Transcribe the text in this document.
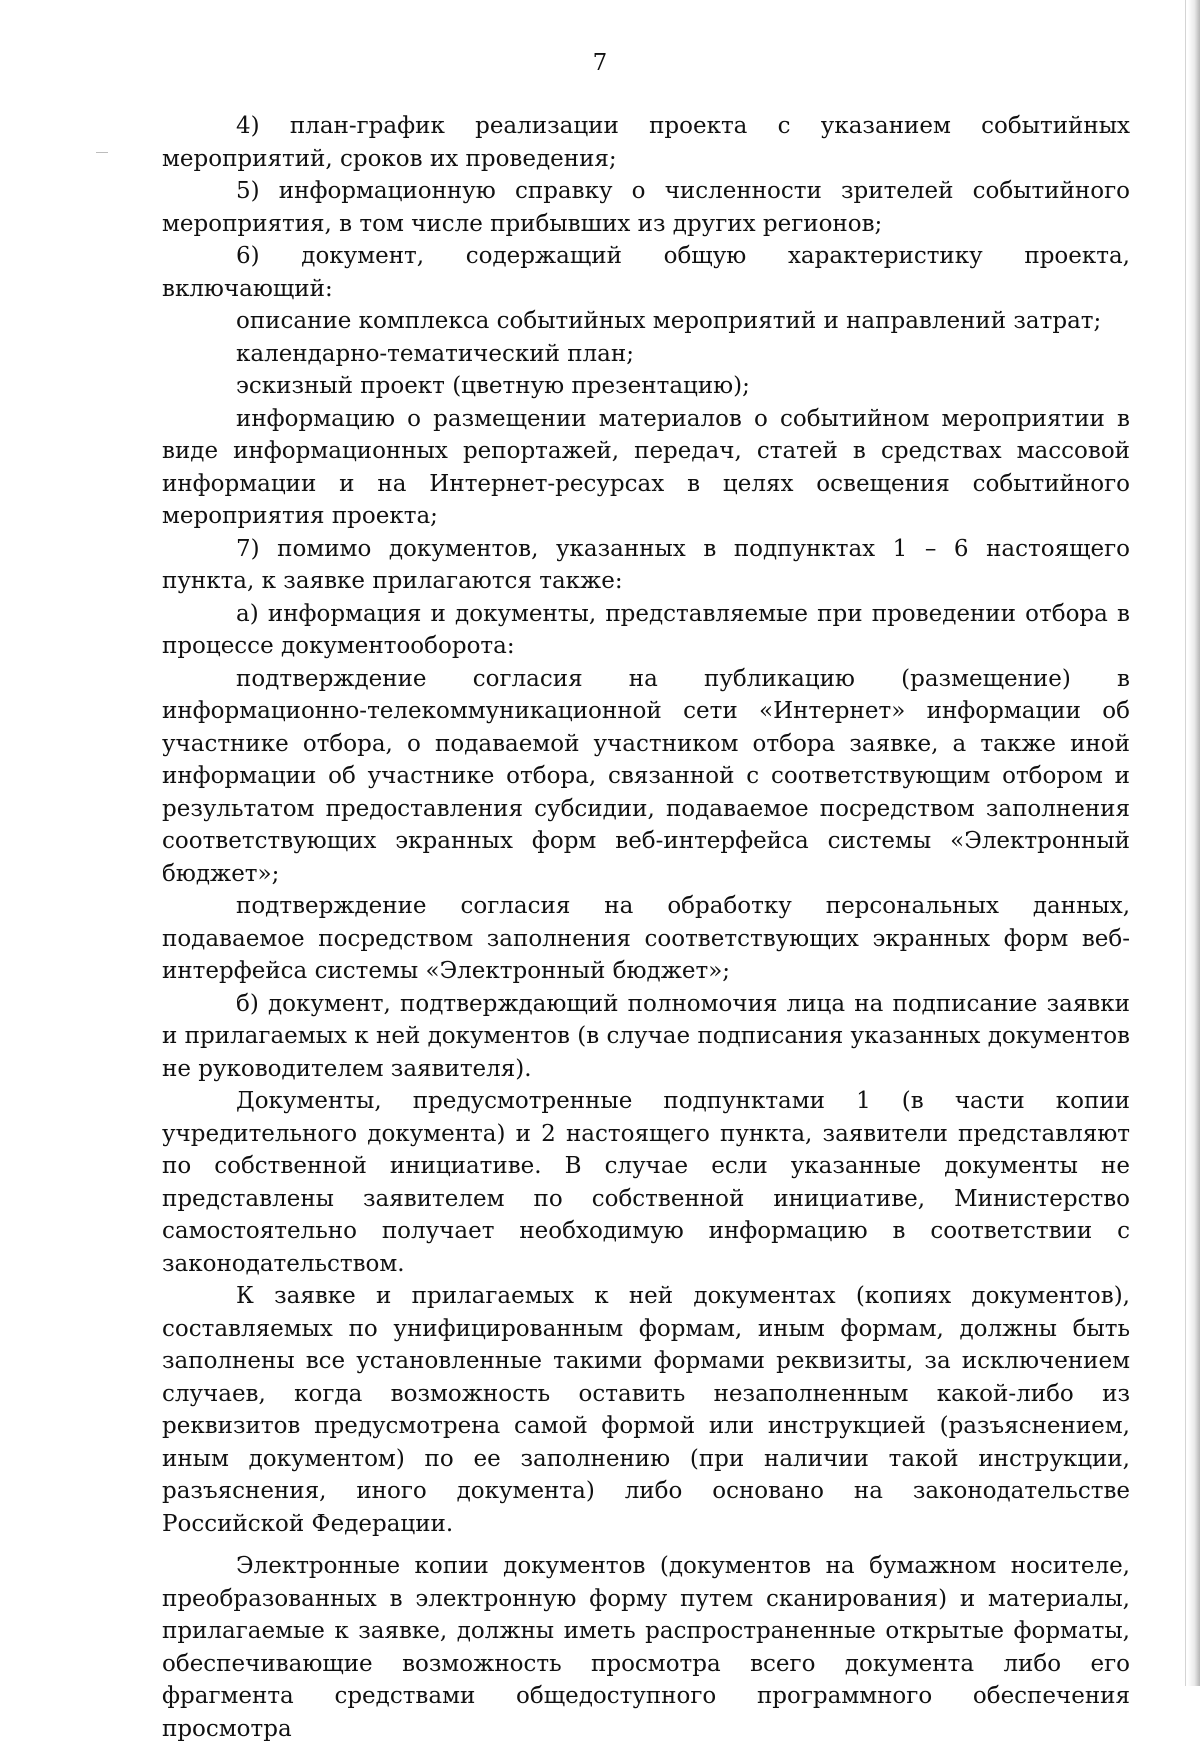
7

4) план-график реализации проекта с указанием событийных мероприятий, сроков их проведения;

5) информационную справку о численности зрителей событийного мероприятия, в том числе прибывших из других регионов;

6) документ, содержащий общую характеристику проекта, включающий:

описание комплекса событийных мероприятий и направлений затрат;

календарно-тематический план;

эскизный проект (цветную презентацию);

информацию о размещении материалов о событийном мероприятии в виде информационных репортажей, передач, статей в средствах массовой информации и на Интернет-ресурсах в целях освещения событийного мероприятия проекта;

7) помимо документов, указанных в подпунктах 1 – 6 настоящего пункта, к заявке прилагаются также:

а) информация и документы, представляемые при проведении отбора в процессе документооборота:

подтверждение согласия на публикацию (размещение) в информационно-телекоммуникационной сети «Интернет» информации об участнике отбора, о подаваемой участником отбора заявке, а также иной информации об участнике отбора, связанной с соответствующим отбором и результатом предоставления субсидии, подаваемое посредством заполнения соответствующих экранных форм веб-интерфейса системы «Электронный бюджет»;

подтверждение согласия на обработку персональных данных, подаваемое посредством заполнения соответствующих экранных форм веб-интерфейса системы «Электронный бюджет»;

б) документ, подтверждающий полномочия лица на подписание заявки и прилагаемых к ней документов (в случае подписания указанных документов не руководителем заявителя).

Документы, предусмотренные подпунктами 1 (в части копии учредительного документа) и 2 настоящего пункта, заявители представляют по собственной инициативе. В случае если указанные документы не представлены заявителем по собственной инициативе, Министерство самостоятельно получает необходимую информацию в соответствии с законодательством.

К заявке и прилагаемых к ней документах (копиях документов), составляемых по унифицированным формам, иным формам, должны быть заполнены все установленные такими формами реквизиты, за исключением случаев, когда возможность оставить незаполненным какой-либо из реквизитов предусмотрена самой формой или инструкцией (разъяснением, иным документом) по ее заполнению (при наличии такой инструкции, разъяснения, иного документа) либо основано на законодательстве Российской Федерации.

Электронные копии документов (документов на бумажном носителе, преобразованных в электронную форму путем сканирования) и материалы, прилагаемые к заявке, должны иметь распространенные открытые форматы, обеспечивающие возможность просмотра всего документа либо его фрагмента средствами общедоступного программного обеспечения просмотра
